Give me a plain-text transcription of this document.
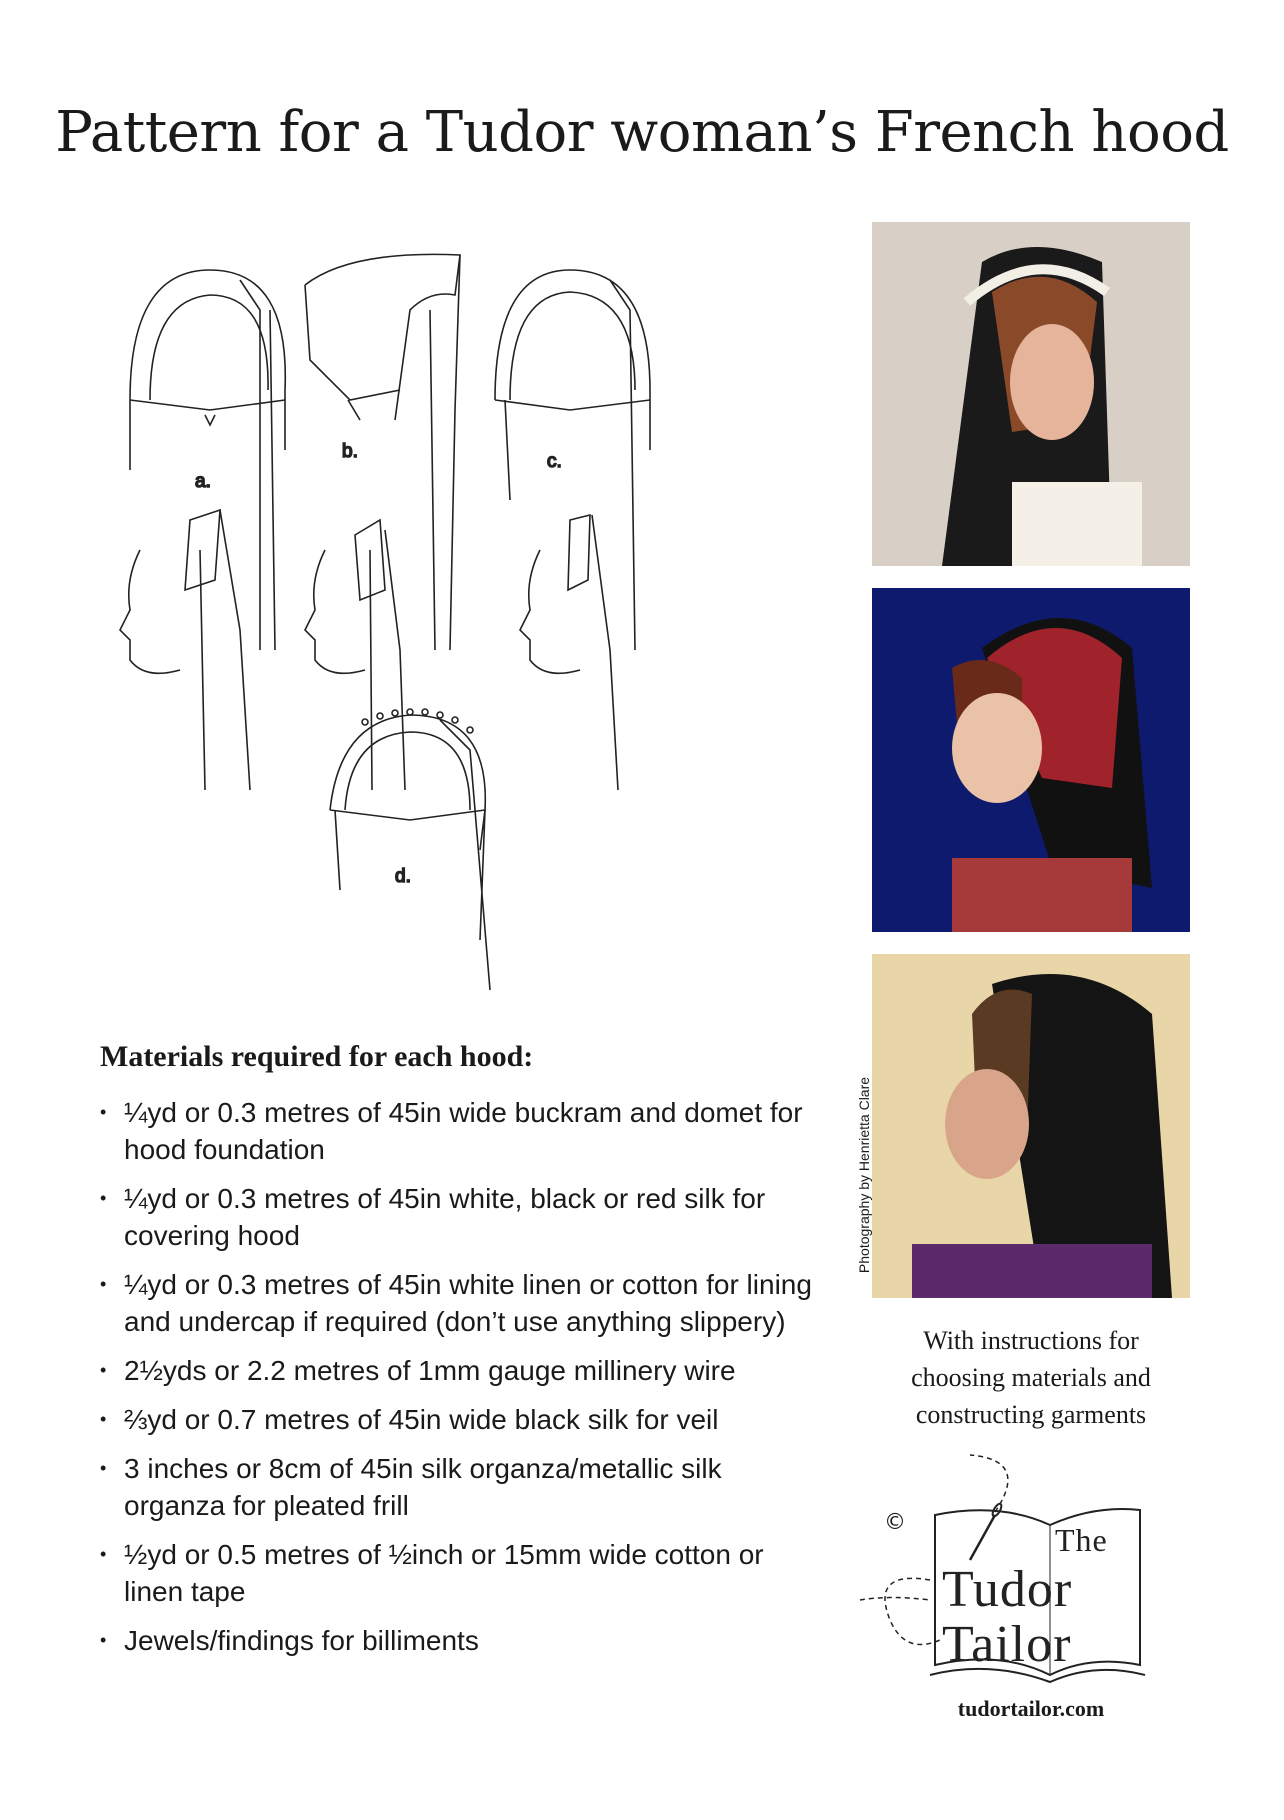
Pattern for a Tudor woman’s French hood
a.
b.	c.
d.
Photography by Henrietta Clare
Materials required for each hood:
• ¼yd or 0.3 metres of 45in wide buckram and domet for hood foundation
• ¼yd or 0.3 metres of 45in white, black or red silk for covering hood
• ¼yd or 0.3 metres of 45in white linen or cotton for lining and undercap if required (don’t use anything slippery)
• 2½yds or 2.2 metres of 1mm gauge millinery wire
• ⅔yd or 0.7 metres of 45in wide black silk for veil
• 3 inches or 8cm of 45in silk organza/metallic silk organza for pleated frill
• ½yd or 0.5 metres of ½inch or 15mm wide cotton or linen tape
• Jewels/findings for billiments
With instructions for
choosing materials and
constructing garments
©	The
Tudor
Tailor
tudortailor.com
